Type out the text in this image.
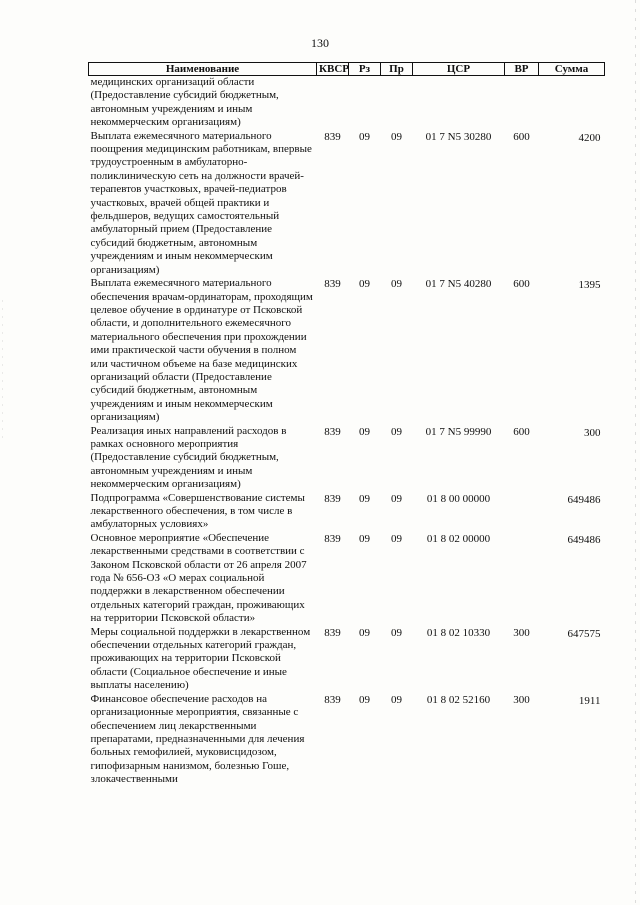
130
Наименование	КВСР	Рз	Пр	ЦСР	ВР	Сумма
медицинских организаций области (Предоставление субсидий бюджетным, автономным учреждениям и иным некоммерческим организациям)						
Выплата ежемесячного материального поощрения медицинским работникам, впервые трудоустроенным в амбулаторно-поликлиническую сеть на должности врачей-терапевтов участковых, врачей-педиатров участковых, врачей общей практики и фельдшеров, ведущих самостоятельный амбулаторный прием (Предоставление субсидий бюджетным, автономным учреждениям и иным некоммерческим организациям)	839	09	09	01 7 N5 30280	600	4200
Выплата ежемесячного материального обеспечения врачам-ординаторам, проходящим целевое обучение в ординатуре от Псковской области, и дополнительного ежемесячного материального обеспечения при прохождении ими практической части обучения в полном или частичном объеме на базе медицинских организаций области (Предоставление субсидий бюджетным, автономным учреждениям и иным некоммерческим организациям)	839	09	09	01 7 N5 40280	600	1395
Реализация иных направлений расходов в рамках основного мероприятия (Предоставление субсидий бюджетным, автономным учреждениям и иным некоммерческим организациям)	839	09	09	01 7 N5 99990	600	300
Подпрограмма «Совершенствование системы лекарственного обеспечения, в том числе в амбулаторных условиях»	839	09	09	01 8 00 00000		649486
Основное мероприятие «Обеспечение лекарственными средствами в соответствии с Законом Псковской области от 26 апреля 2007 года № 656-ОЗ «О мерах социальной поддержки в лекарственном обеспечении отдельных категорий граждан, проживающих на территории Псковской области»	839	09	09	01 8 02 00000		649486
Меры социальной поддержки в лекарственном обеспечении отдельных категорий граждан, проживающих на территории Псковской области (Социальное обеспечение и иные выплаты населению)	839	09	09	01 8 02 10330	300	647575
Финансовое обеспечение расходов на организационные мероприятия, связанные с обеспечением лиц лекарственными препаратами, предназначенными для лечения больных гемофилией, муковисцидозом, гипофизарным нанизмом, болезнью Гоше, злокачественными	839	09	09	01 8 02 52160	300	1911
